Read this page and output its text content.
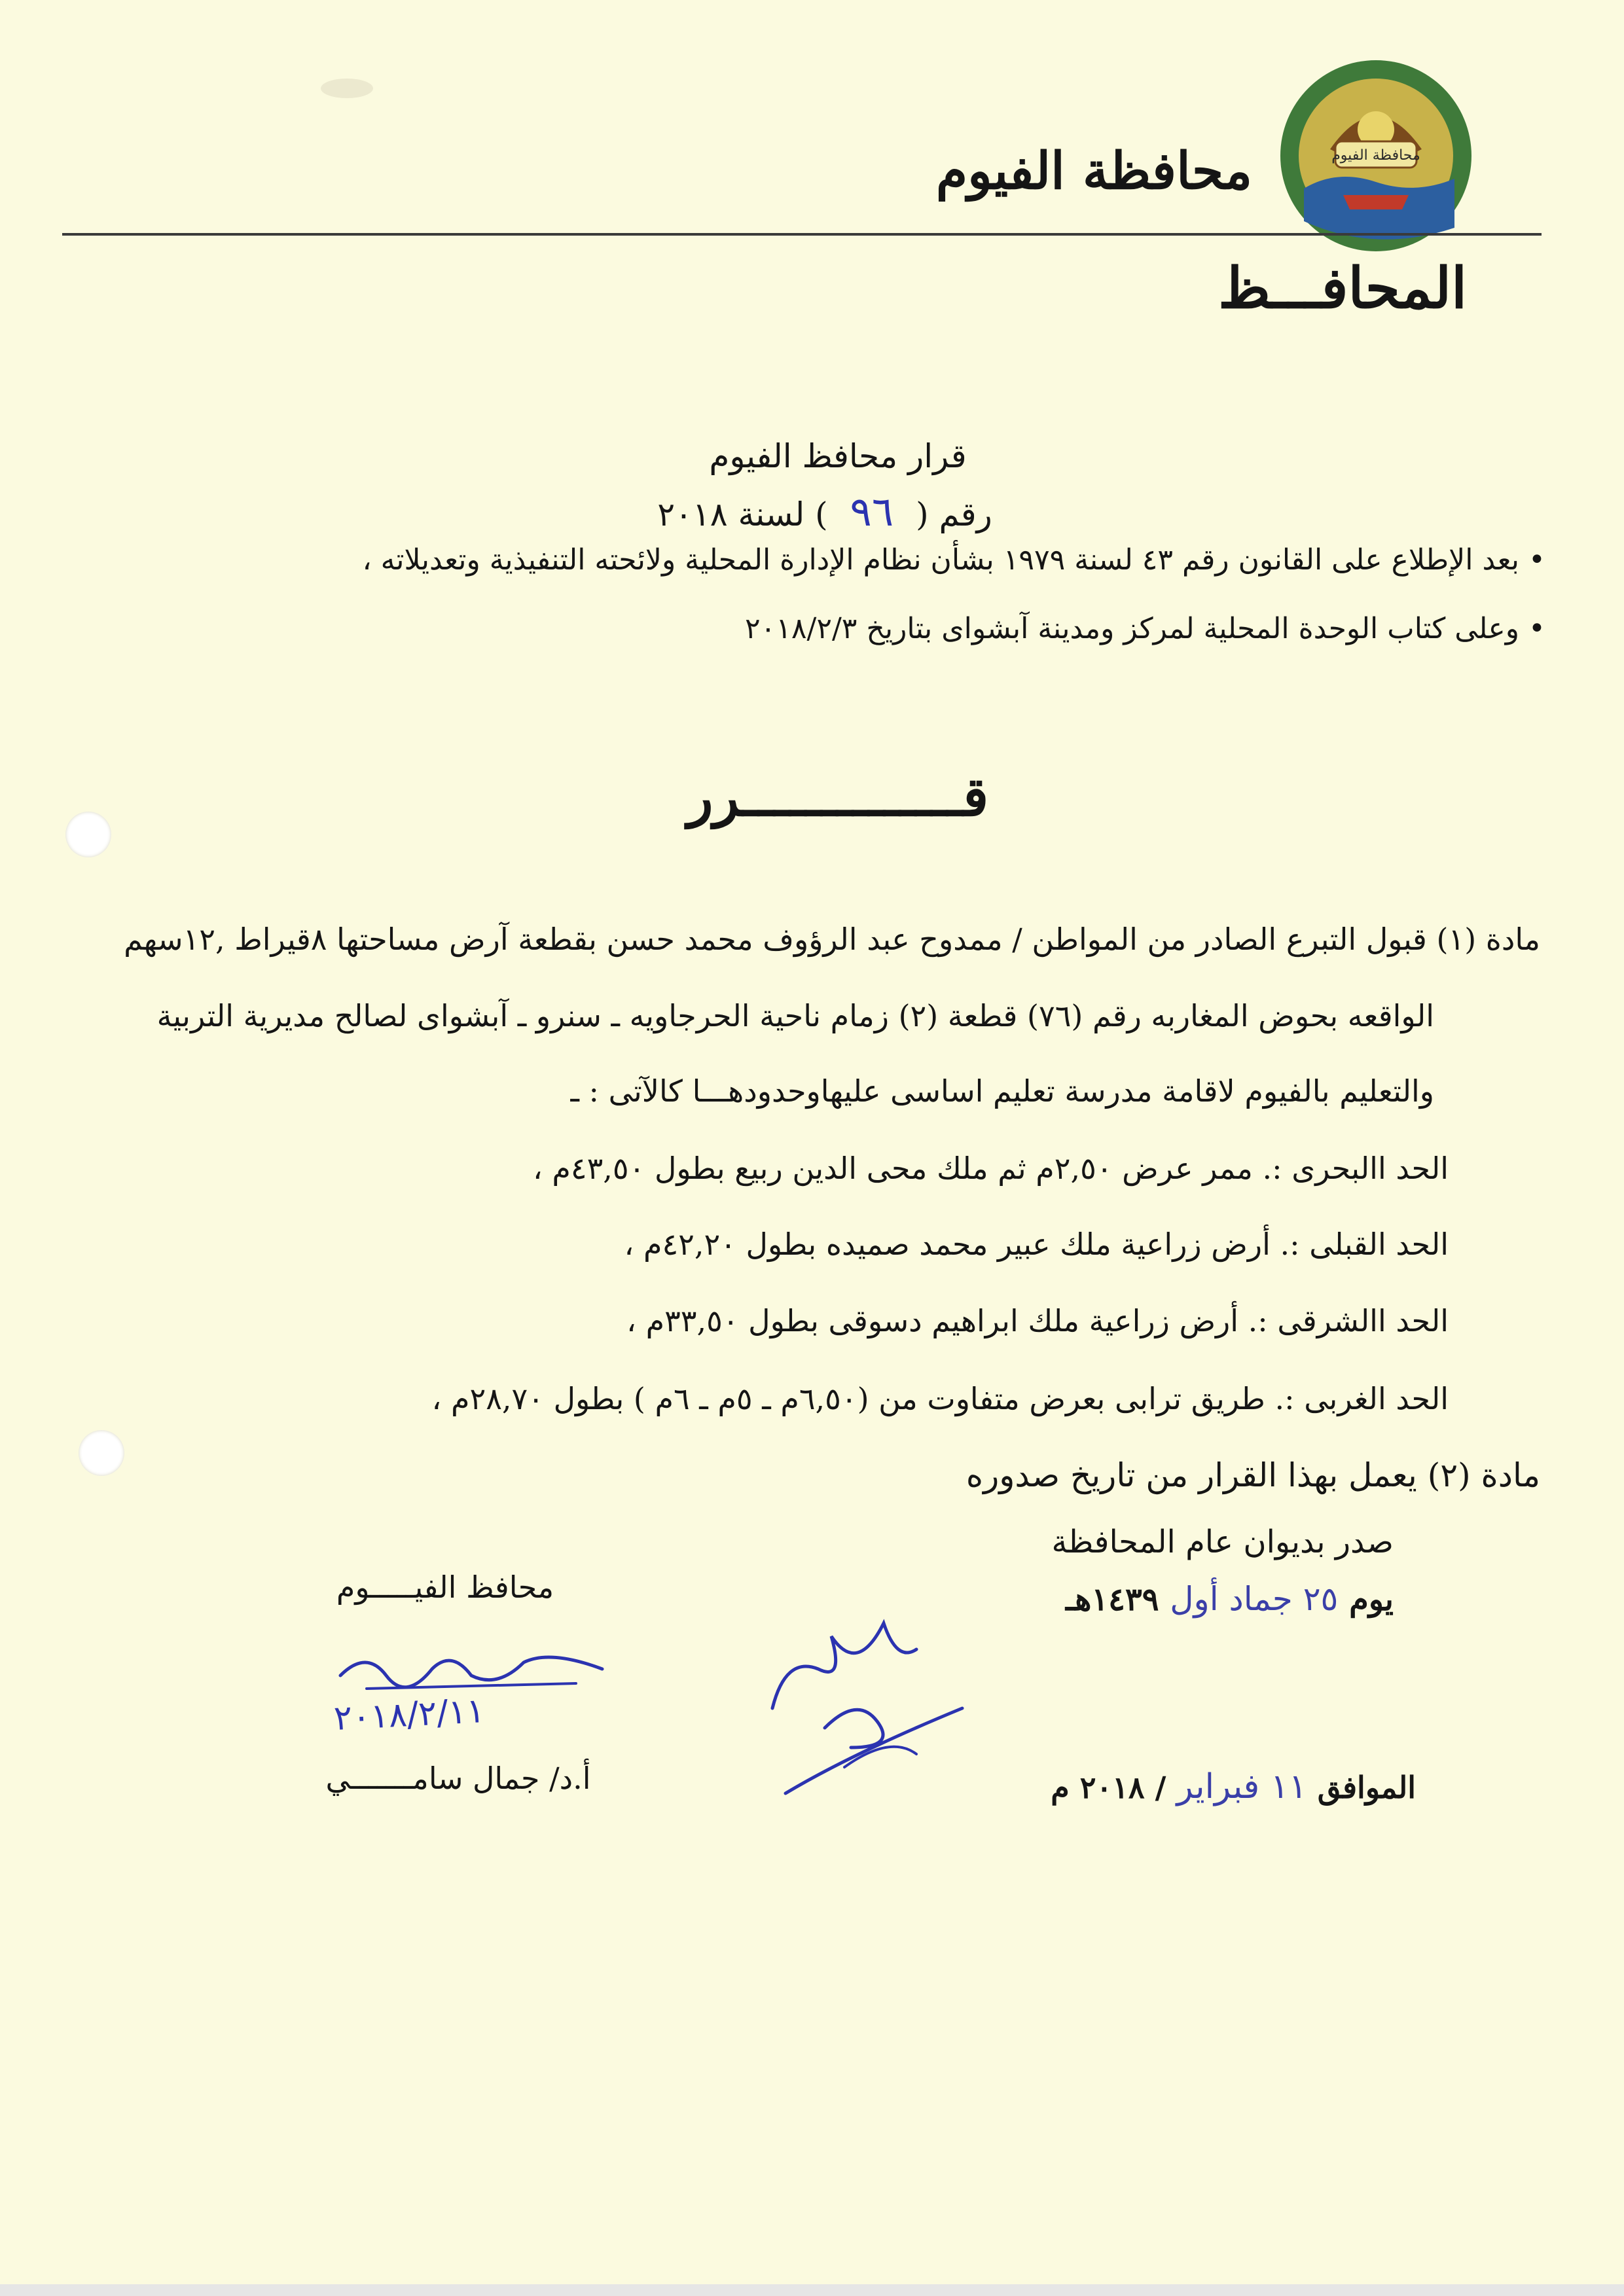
محافظة الفيوم
محافظة الفيوم
المحافـــظ
قرار محافظ الفيوم
رقم ( ٩٦ ) لسنة ٢٠١٨
• بعد الإطلاع على القانون رقم ٤٣ لسنة ١٩٧٩ بشأن نظام الإدارة المحلية ولائحته التنفيذية وتعديلاته ،
• وعلى كتاب الوحدة المحلية لمركز ومدينة آبشواى بتاريخ ٢٠١٨/٢/٣
قــــــــــــــرر
مادة (١) قبول التبرع الصادر من المواطن / ممدوح عبد الرؤوف محمد حسن بقطعة آرض مساحتها ٨قيراط ,١٢سهم
الواقعه بحوض المغاربه رقم (٧٦) قطعة (٢) زمام ناحية الحرجاويه ـ سنرو ـ آبشواى لصالح مديرية التربية
والتعليم بالفيوم لاقامة مدرسة تعليم اساسى عليهاوحدودهـــا كالآتى : ـ
الحد االبحرى :. ممر عرض ٢,٥٠م ثم ملك محى الدين ربيع بطول ٤٣,٥٠م ،
الحد القبلى :. أرض زراعية ملك عبير محمد صميده بطول ٤٢,٢٠م ،
الحد االشرقى :. أرض زراعية ملك ابراهيم دسوقى بطول ٣٣,٥٠م ،
الحد الغربى :. طريق ترابى بعرض متفاوت من (٦,٥٠م ـ ٥م ـ ٦م ) بطول ٢٨,٧٠م ،
مادة (٢) يعمل بهذا القرار من تاريخ صدوره
صدر بديوان عام المحافظة
يوم ٢٥ جماد أول ١٤٣٩هـ
الموافق ١١ فبراير / ٢٠١٨ م
محافظ الفيـــــوم
٢٠١٨/٢/١١
أ.د/ جمال سامـــــــي
